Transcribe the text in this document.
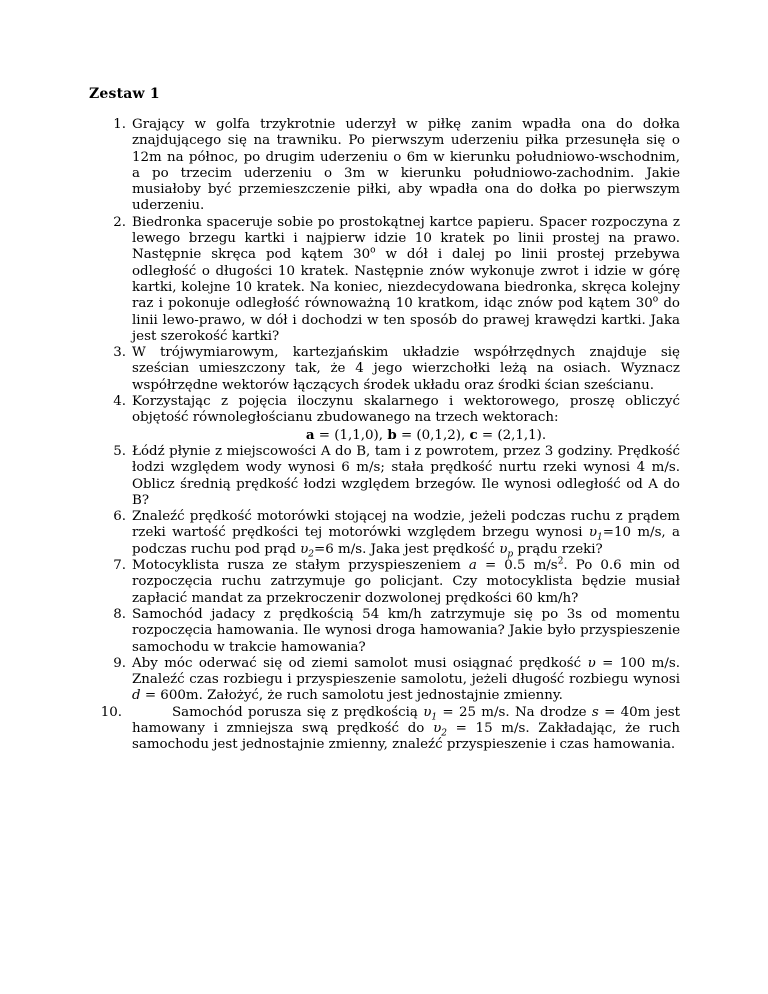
Zestaw 1
1. Grający w golfa trzykrotnie uderzył w piłkę zanim wpadła ona do dołka znajdującego się na trawniku. Po pierwszym uderzeniu piłka przesunęła się o 12m na północ, po drugim uderzeniu o 6m w kierunku południowo-wschodnim, a po trzecim uderzeniu o 3m w kierunku południowo-zachodnim. Jakie musiałoby być przemieszczenie piłki, aby wpadła ona do dołka po pierwszym uderzeniu.
2. Biedronka spaceruje sobie po prostokątnej kartce papieru. Spacer rozpoczyna z lewego brzegu kartki i najpierw idzie 10 kratek po linii prostej na prawo. Następnie skręca pod kątem 30$^o$ w dół i dalej po linii prostej przebywa odległość o długości 10 kratek. Następnie znów wykonuje zwrot i idzie w górę kartki, kolejne 10 kratek. Na koniec, niezdecydowana biedronka, skręca kolejny raz i pokonuje odległość równoważną 10 kratkom, idąc znów pod kątem 30$^o$ do linii lewo-prawo, w dół i dochodzi w ten sposób do prawej krawędzi kartki. Jaka jest szerokość kartki?
3. W trójwymiarowym, kartezjańskim układzie współrzędnych znajduje się sześcian umieszczony tak, że 4 jego wierzchołki leżą na osiach. Wyznacz współrzędne wektorów łączących środek układu oraz środki ścian sześcianu.
4. Korzystając z pojęcia iloczynu skalarnego i wektorowego, proszę obliczyć objętość równoległościanu zbudowanego na trzech wektorach:
a = (1,1,0), b = (0,1,2), c = (2,1,1).
5. Łódź płynie z miejscowości A do B, tam i z powrotem, przez 3 godziny. Prędkość łodzi względem wody wynosi 6 m/s; stała prędkość nurtu rzeki wynosi 4 m/s. Oblicz średnią prędkość łodzi względem brzegów. Ile wynosi odległość od A do B?
6. Znaleźć prędkość motorówki stojącej na wodzie, jeżeli podczas ruchu z prądem rzeki wartość prędkości tej motorówki względem brzegu wynosi $\upsilon_1=10$ m/s, a podczas ruchu pod prąd $\upsilon_2=6$ m/s. Jaka jest prędkość $\upsilon_p$ prądu rzeki?
7. Motocyklista rusza ze stałym przyspieszeniem a = 0.5 $m/s^2$. Po 0.6 min od rozpoczęcia ruchu zatrzymuje go policjant. Czy motocyklista będzie musiał zapłacić mandat za przekroczenir dozwolonej prędkości 60 km/h?
8. Samochód jadacy z prędkością 54 km/h zatrzymuje się po 3s od momentu rozpoczęcia hamowania. Ile wynosi droga hamowania? Jakie było przyspieszenie samochodu w trakcie hamowania?
9. Aby móc oderwać się od ziemi samolot musi osiągnać prędkość υ = 100 m/s. Znaleźć czas rozbiegu i przyspieszenie samolotu, jeżeli długość rozbiegu wynosi d = 600m. Założyć, że ruch samolotu jest jednostajnie zmienny.
10.	Samochód porusza się z prędkością $\upsilon_1 = 25$ m/s. Na drodze s = 40m jest hamowany i zmniejsza swą prędkość do $\upsilon_2 = 15$ m/s. Zakładając, że ruch samochodu jest jednostajnie zmienny, znaleźć przyspieszenie i czas hamowania.
